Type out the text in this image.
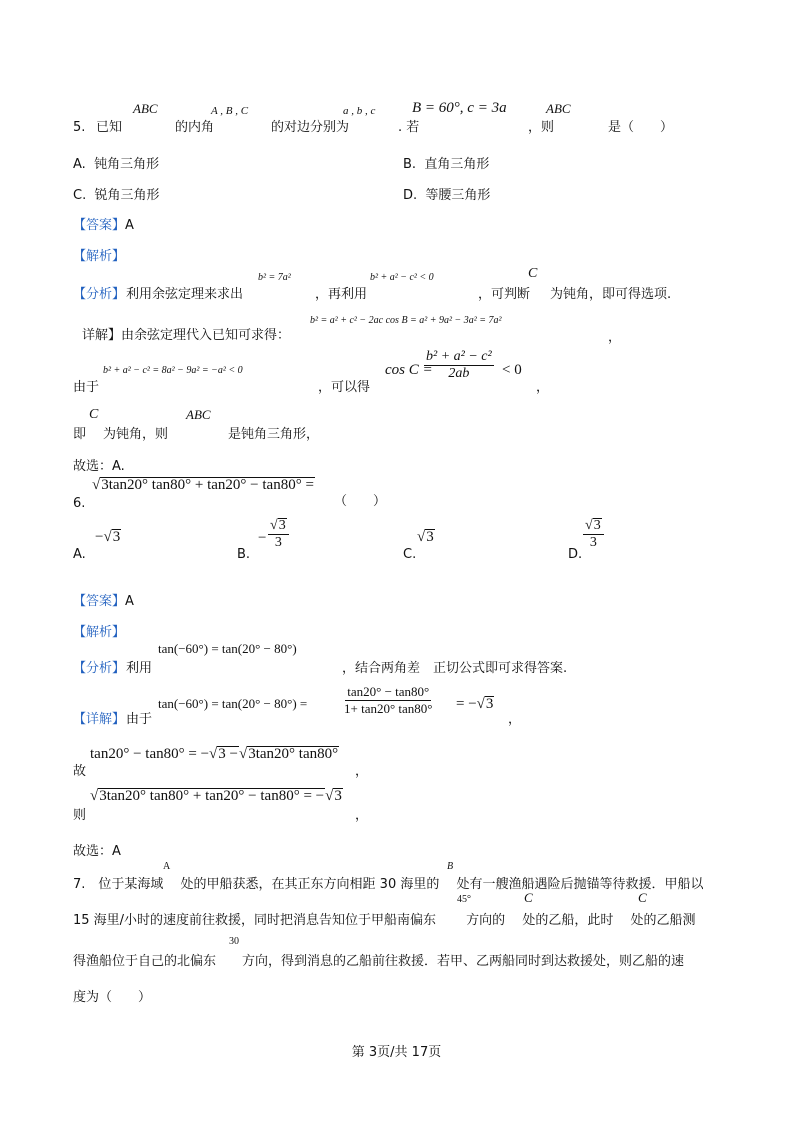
ABC	A , B , C	a , b , c B = 60°, c = 3a	ABC
5. 已知	的内角	的对边分别为	. 若	，则	是（　　）
A. 钝角三角形	B. 直角三角形
C. 锐角三角形	D. 等腰三角形
【答案】A
【解析】
b² = 7a²	b² + a² − c² < 0	C
【分析】 利用余弦定理来求出	，再利用	，可判断 为钝角，即可得选项.
b² = a² + c² − 2ac cos B = a² + 9a² − 3a² = 7a²
详解】由余弦定理代入已知可求得：	，
b² + a² − c² = 8a² − 9a² = −a² < 0
由于	，可以得
cos C =
$\frac{\text{b² + a² − c²}}{2ab} < 0$
，
C	ABC
即 为钝角，则	是钝角三角形，
故选：A.
√3tan20° tan80° + tan20° − tan80° =
6.	（　　）
−√3
A.
− $\frac{√3}{3}$
B.
√3
C.
$\frac{√3}{3}$
D.
【答案】A
【解析】
tan(−60°) = tan(20° − 80°)
【分析】 利用	，结合两角差　正切公式即可求得答案.
【详解】 由于
tan(−60°) = tan(20° − 80°) =	$\frac{\tan 20^\circ - \tan 80^\circ}{1+ \tan 20^\circ \tan 80^\circ} = -√3$
，
tan20° − tan80° = −√3 −√3tan20° tan80°
故	，
√3tan20° tan80° + tan20° − tan80° = −√3
则	，
故选：A
A	B
45°	C	C
30
7.　位于某海域　 处的甲船获悉，在其正东方向相距 30 海里的　 处有一艘渔船遇险后抛锚等待救援．甲船以
15 海里/小时的速度前往救援，同时把消息告知位于甲船南偏东　　 方向的　 处的乙船，此时　 处的乙船测
得渔船位于自己的北偏东　　方向，得到消息的乙船前往救援．若甲、乙两船同时到达救援处，则乙船的速
度为（　　）
第 3页/共 17页
